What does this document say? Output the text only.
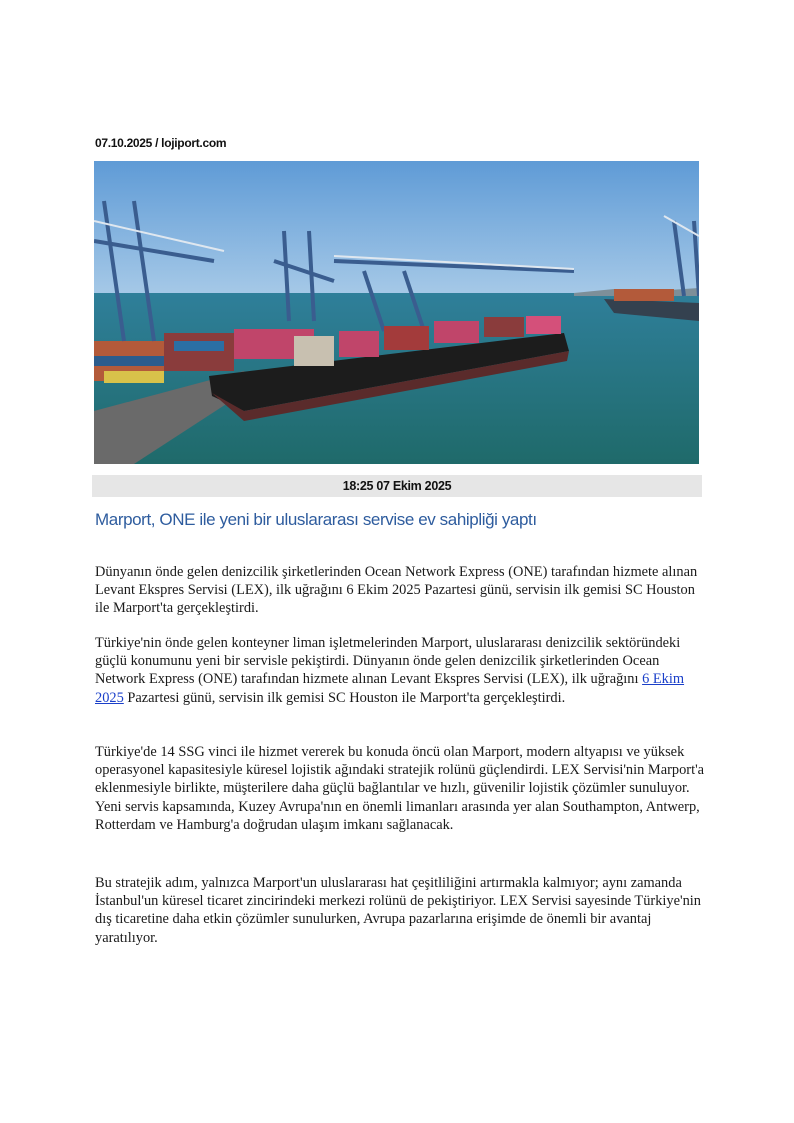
07.10.2025 / lojiport.com
18:25 07 Ekim 2025
Marport, ONE ile yeni bir uluslararası servise ev sahipliği yaptı

Dünyanın önde gelen denizcilik şirketlerinden Ocean Network Express (ONE) tarafından hizmete alınan Levant Ekspres Servisi (LEX), ilk uğrağını 6 Ekim 2025 Pazartesi günü, servisin ilk gemisi SC Houston ile Marport'ta gerçekleştirdi.

Türkiye'nin önde gelen konteyner liman işletmelerinden Marport, uluslararası denizcilik sektöründeki güçlü konumunu yeni bir servisle pekiştirdi. Dünyanın önde gelen denizcilik şirketlerinden Ocean Network Express (ONE) tarafından hizmete alınan Levant Ekspres Servisi (LEX), ilk uğrağını 6 Ekim 2025 Pazartesi günü, servisin ilk gemisi SC Houston ile Marport'ta gerçekleştirdi.

Türkiye'de 14 SSG vinci ile hizmet vererek bu konuda öncü olan Marport, modern altyapısı ve yüksek operasyonel kapasitesiyle küresel lojistik ağındaki stratejik rolünü güçlendirdi. LEX Servisi'nin Marport'a eklenmesiyle birlikte, müşterilere daha güçlü bağlantılar ve hızlı, güvenilir lojistik çözümler sunuluyor. Yeni servis kapsamında, Kuzey Avrupa'nın en önemli limanları arasında yer alan Southampton, Antwerp, Rotterdam ve Hamburg'a doğrudan ulaşım imkanı sağlanacak.

Bu stratejik adım, yalnızca Marport'un uluslararası hat çeşitliliğini artırmakla kalmıyor; aynı zamanda İstanbul'un küresel ticaret zincirindeki merkezi rolünü de pekiştiriyor. LEX Servisi sayesinde Türkiye'nin dış ticaretine daha etkin çözümler sunulurken, Avrupa pazarlarına erişimde de önemli bir avantaj yaratılıyor.
